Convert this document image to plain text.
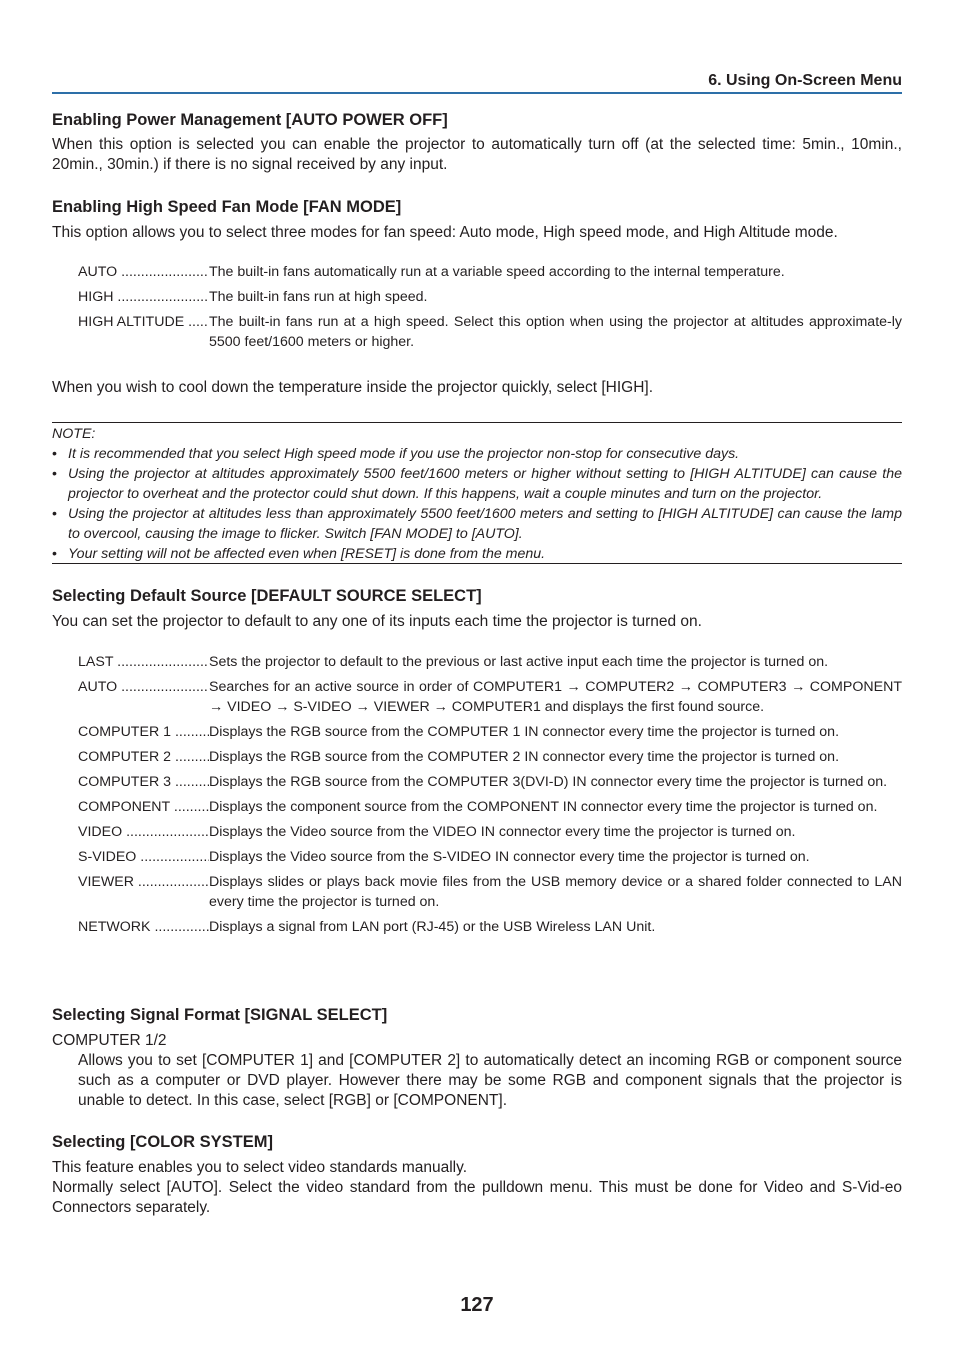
6. Using On-Screen Menu
Enabling Power Management [AUTO POWER OFF]

When this option is selected you can enable the projector to automatically turn off (at the selected time: 5min., 10min., 20min., 30min.) if there is no signal received by any input.

Enabling High Speed Fan Mode [FAN MODE]

This option allows you to select three modes for fan speed: Auto mode, High speed mode, and High Altitude mode.

AUTO .....	The built-in fans automatically run at a variable speed according to the internal temperature.
HIGH .....	The built-in fans run at high speed.
HIGH ALTITUDE .....	The built-in fans run at a high speed. Select this option when using the projector at altitudes approximate-ly 5500 feet/1600 meters or higher.

When you wish to cool down the temperature inside the projector quickly, select [HIGH].

NOTE:

• It is recommended that you select High speed mode if you use the projector non-stop for consecutive days.
• Using the projector at altitudes approximately 5500 feet/1600 meters or higher without setting to [HIGH ALTITUDE] can cause the projector to overheat and the protector could shut down. If this happens, wait a couple minutes and turn on the projector.
• Using the projector at altitudes less than approximately 5500 feet/1600 meters and setting to [HIGH ALTITUDE] can cause the lamp to overcool, causing the image to flicker. Switch [FAN MODE] to [AUTO].
• Your setting will not be affected even when [RESET] is done from the menu.
Selecting Default Source [DEFAULT SOURCE SELECT]

You can set the projector to default to any one of its inputs each time the projector is turned on.

LAST .....	Sets the projector to default to the previous or last active input each time the projector is turned on.
AUTO .....	Searches for an active source in order of COMPUTER1 → COMPUTER2 → COMPUTER3 → COMPONENT → VIDEO → S-VIDEO → VIEWER → COMPUTER1 and displays the first found source.
COMPUTER 1 .....	Displays the RGB source from the COMPUTER 1 IN connector every time the projector is turned on.
COMPUTER 2 .....	Displays the RGB source from the COMPUTER 2 IN connector every time the projector is turned on.
COMPUTER 3 .....	Displays the RGB source from the COMPUTER 3(DVI-D) IN connector every time the projector is turned on.
COMPONENT .....	Displays the component source from the COMPONENT IN connector every time the projector is turned on.
VIDEO .....	Displays the Video source from the VIDEO IN connector every time the projector is turned on.
S-VIDEO .....	Displays the Video source from the S-VIDEO IN connector every time the projector is turned on.
VIEWER .....	Displays slides or plays back movie files from the USB memory device or a shared folder connected to LAN every time the projector is turned on.
NETWORK .....	Displays a signal from LAN port (RJ-45) or the USB Wireless LAN Unit.
Selecting Signal Format [SIGNAL SELECT]

COMPUTER 1/2

Allows you to set [COMPUTER 1] and [COMPUTER 2] to automatically detect an incoming RGB or component source such as a computer or DVD player. However there may be some RGB and component signals that the projector is unable to detect. In this case, select [RGB] or [COMPONENT].

Selecting [COLOR SYSTEM]

This feature enables you to select video standards manually.

Normally select [AUTO]. Select the video standard from the pulldown menu. This must be done for Video and S-Vid-eo Connectors separately.

127
